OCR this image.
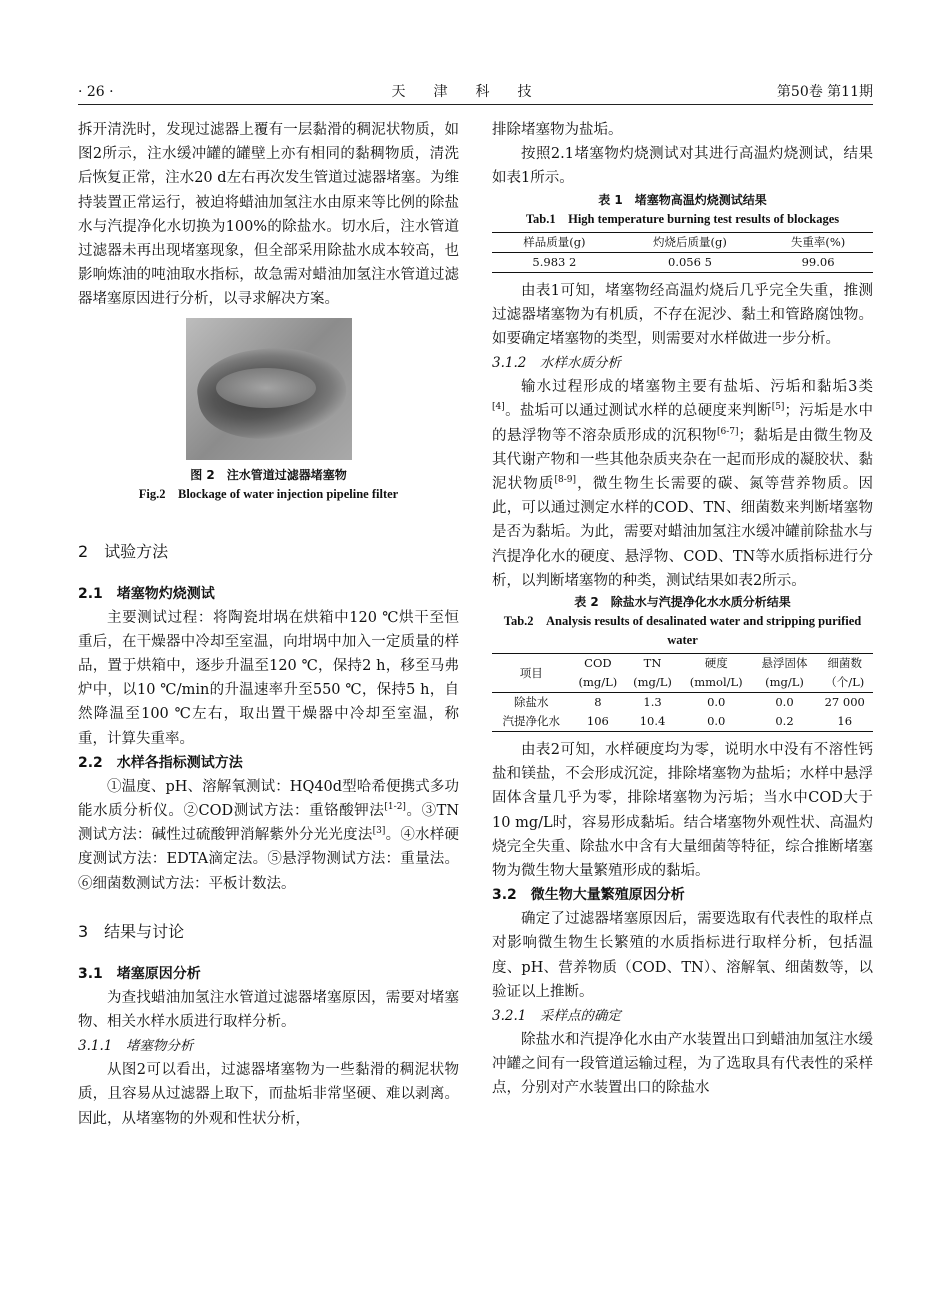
天津科技
· 26 ·	第50卷 第11期

拆开清洗时，发现过滤器上覆有一层黏滑的稠泥状物质，如图2所示，注水缓冲罐的罐壁上亦有相同的黏稠物质，清洗后恢复正常，注水20 d左右再次发生管道过滤器堵塞。为维持装置正常运行，被迫将蜡油加氢注水由原来等比例的除盐水与汽提净化水切换为100%的除盐水。切水后，注水管道过滤器未再出现堵塞现象，但全部采用除盐水成本较高，也影响炼油的吨油取水指标，故急需对蜡油加氢注水管道过滤器堵塞原因进行分析，以寻求解决方案。

图 2　注水管道过滤器堵塞物
Fig.2　Blockage of water injection pipeline filter
2　试验方法
2.1　堵塞物灼烧测试

主要测试过程：将陶瓷坩埚在烘箱中120 ℃烘干至恒重后，在干燥器中冷却至室温，向坩埚中加入一定质量的样品，置于烘箱中，逐步升温至120 ℃，保持2 h，移至马弗炉中，以10 ℃/min的升温速率升至550 ℃，保持5 h，自然降温至100 ℃左右，取出置干燥器中冷却至室温，称重，计算失重率。

2.2　水样各指标测试方法

①温度、pH、溶解氧测试：HQ40d型哈希便携式多功能水质分析仪。②COD测试方法：重铬酸钾法[1-2]。③TN测试方法：碱性过硫酸钾消解紫外分光光度法[3]。④水样硬度测试方法：EDTA滴定法。⑤悬浮物测试方法：重量法。⑥细菌数测试方法：平板计数法。

3　结果与讨论
3.1　堵塞原因分析

为查找蜡油加氢注水管道过滤器堵塞原因，需要对堵塞物、相关水样水质进行取样分析。

3.1.1　堵塞物分析

从图2可以看出，过滤器堵塞物为一些黏滑的稠泥状物质，且容易从过滤器上取下，而盐垢非常坚硬、难以剥离。因此，从堵塞物的外观和性状分析，

排除堵塞物为盐垢。

按照2.1堵塞物灼烧测试对其进行高温灼烧测试，结果如表1所示。

表 1　堵塞物高温灼烧测试结果
Tab.1　High temperature burning test results of blockages
样品质量(g)	灼烧后质量(g)	失重率(%)
5.983 2	0.056 5	99.06

由表1可知，堵塞物经高温灼烧后几乎完全失重，推测过滤器堵塞物为有机质，不存在泥沙、黏土和管路腐蚀物。如要确定堵塞物的类型，则需要对水样做进一步分析。

3.1.2　水样水质分析

输水过程形成的堵塞物主要有盐垢、污垢和黏垢3类[4]。盐垢可以通过测试水样的总硬度来判断[5]；污垢是水中的悬浮物等不溶杂质形成的沉积物[6-7]；黏垢是由微生物及其代谢产物和一些其他杂质夹杂在一起而形成的凝胶状、黏泥状物质[8-9]，微生物生长需要的碳、氮等营养物质。因此，可以通过测定水样的COD、TN、细菌数来判断堵塞物是否为黏垢。为此，需要对蜡油加氢注水缓冲罐前除盐水与汽提净化水的硬度、悬浮物、COD、TN等水质指标进行分析，以判断堵塞物的种类，测试结果如表2所示。

表 2　除盐水与汽提净化水水质分析结果
Tab.2　Analysis results of desalinated water and stripping purified water
项目	COD	TN	硬度	悬浮固体	细菌数
	(mg/L)	(mg/L)	(mmol/L)	(mg/L)	（个/L)
除盐水	8	1.3	0.0	0.0	27 000
汽提净化水	106	10.4	0.0	0.2	16

由表2可知，水样硬度均为零，说明水中没有不溶性钙盐和镁盐，不会形成沉淀，排除堵塞物为盐垢；水样中悬浮固体含量几乎为零，排除堵塞物为污垢；当水中COD大于10 mg/L时，容易形成黏垢。结合堵塞物外观性状、高温灼烧完全失重、除盐水中含有大量细菌等特征，综合推断堵塞物为微生物大量繁殖形成的黏垢。

3.2　微生物大量繁殖原因分析

确定了过滤器堵塞原因后，需要选取有代表性的取样点对影响微生物生长繁殖的水质指标进行取样分析，包括温度、pH、营养物质（COD、TN）、溶解氧、细菌数等，以验证以上推断。

3.2.1　采样点的确定

除盐水和汽提净化水由产水装置出口到蜡油加氢注水缓冲罐之间有一段管道运输过程，为了选取具有代表性的采样点，分别对产水装置出口的除盐水
